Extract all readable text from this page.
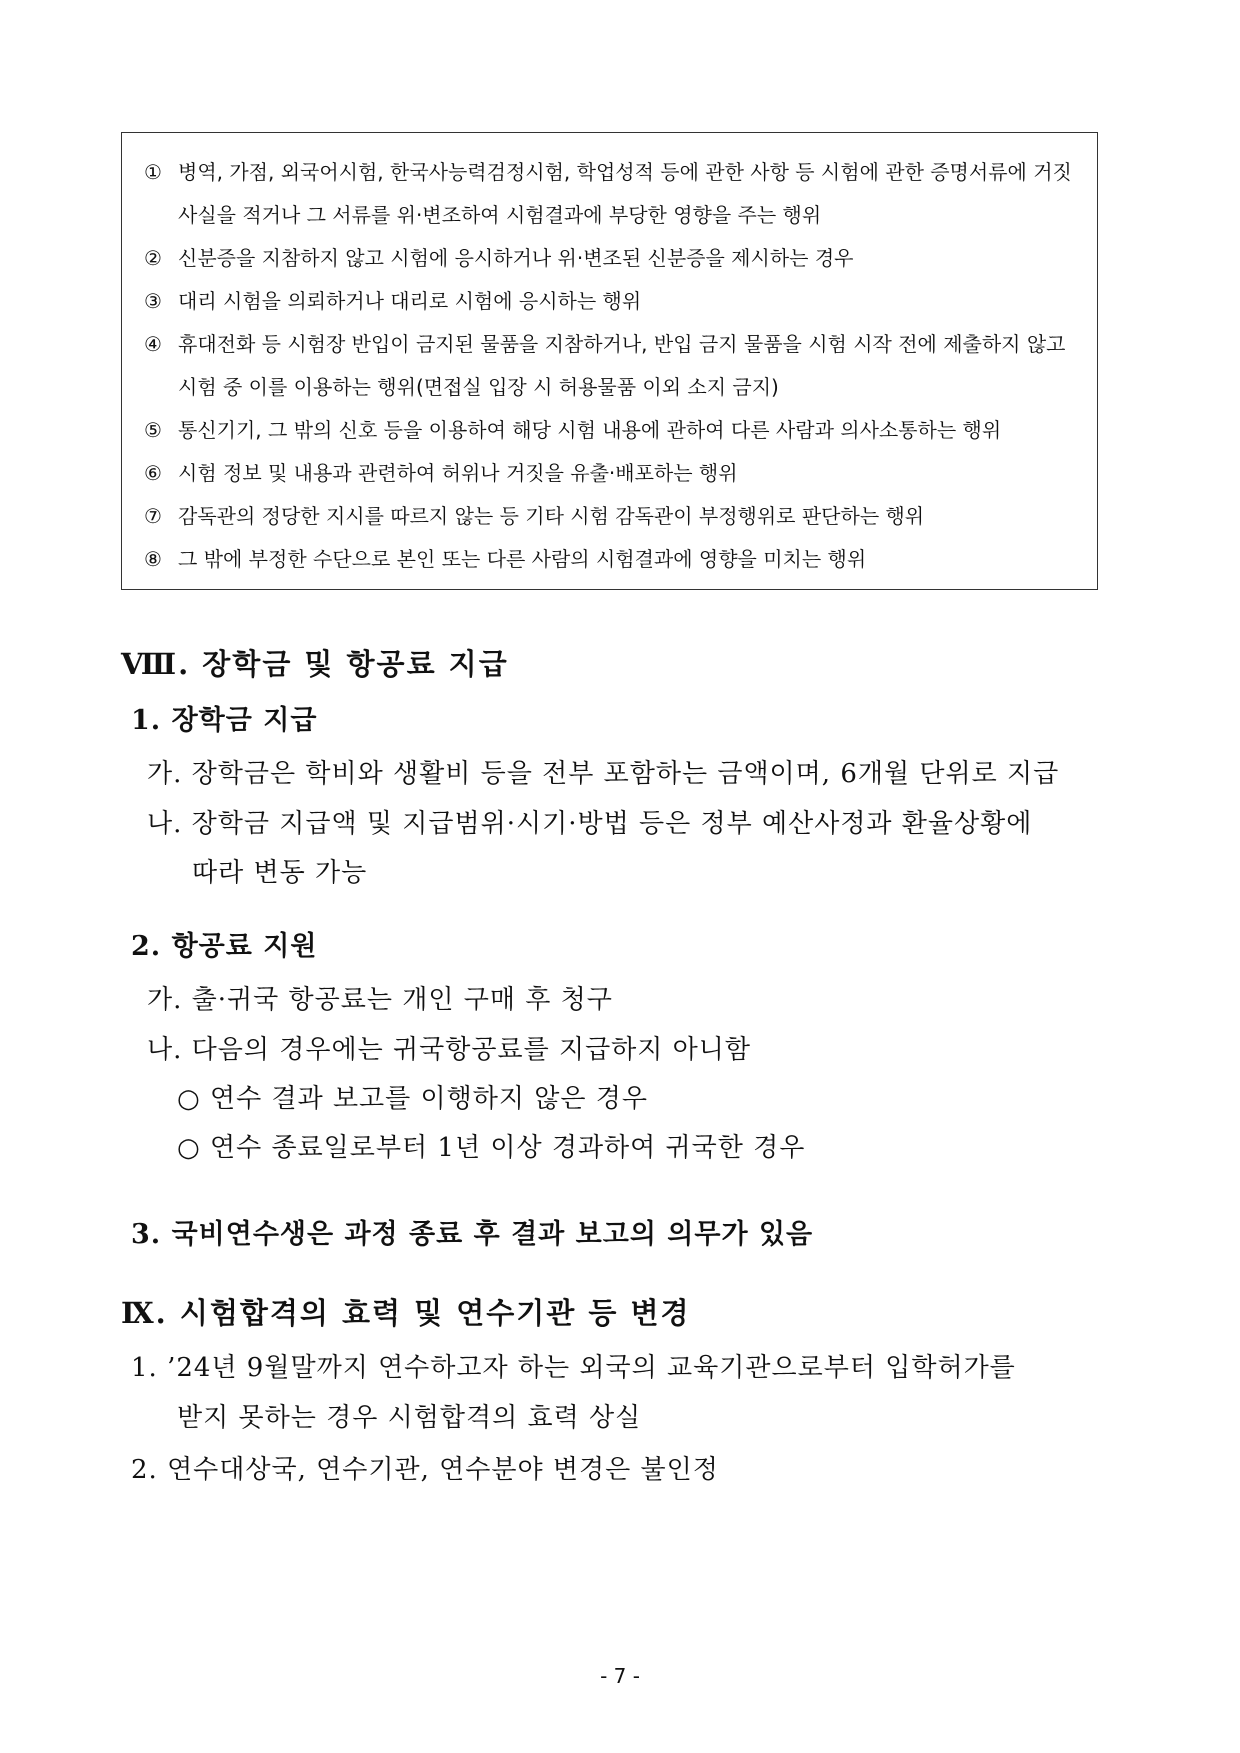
① 병역, 가점, 외국어시험, 한국사능력검정시험, 학업성적 등에 관한 사항 등 시험에 관한 증명서류에 거짓 사실을 적거나 그 서류를 위·변조하여 시험결과에 부당한 영향을 주는 행위
② 신분증을 지참하지 않고 시험에 응시하거나 위·변조된 신분증을 제시하는 경우
③ 대리 시험을 의뢰하거나 대리로 시험에 응시하는 행위
④ 휴대전화 등 시험장 반입이 금지된 물품을 지참하거나, 반입 금지 물품을 시험 시작 전에 제출하지 않고 시험 중 이를 이용하는 행위(면접실 입장 시 허용물품 이외 소지 금지)
⑤ 통신기기, 그 밖의 신호 등을 이용하여 해당 시험 내용에 관하여 다른 사람과 의사소통하는 행위
⑥ 시험 정보 및 내용과 관련하여 허위나 거짓을 유출·배포하는 행위
⑦ 감독관의 정당한 지시를 따르지 않는 등 기타 시험 감독관이 부정행위로 판단하는 행위
⑧ 그 밖에 부정한 수단으로 본인 또는 다른 사람의 시험결과에 영향을 미치는 행위
Ⅷ. 장학금 및 항공료 지급
1. 장학금 지급
가. 장학금은 학비와 생활비 등을 전부 포함하는 금액이며, 6개월 단위로 지급
나. 장학금 지급액 및 지급범위·시기·방법 등은 정부 예산사정과 환율상황에
따라 변동 가능
2. 항공료 지원
가. 출·귀국 항공료는 개인 구매 후 청구
나. 다음의 경우에는 귀국항공료를 지급하지 아니함
○ 연수 결과 보고를 이행하지 않은 경우
○ 연수 종료일로부터 1년 이상 경과하여 귀국한 경우
3. 국비연수생은 과정 종료 후 결과 보고의 의무가 있음
Ⅸ. 시험합격의 효력 및 연수기관 등 변경
1. ’24년 9월말까지 연수하고자 하는 외국의 교육기관으로부터 입학허가를
받지 못하는 경우 시험합격의 효력 상실
2. 연수대상국, 연수기관, 연수분야 변경은 불인정
- 7 -
